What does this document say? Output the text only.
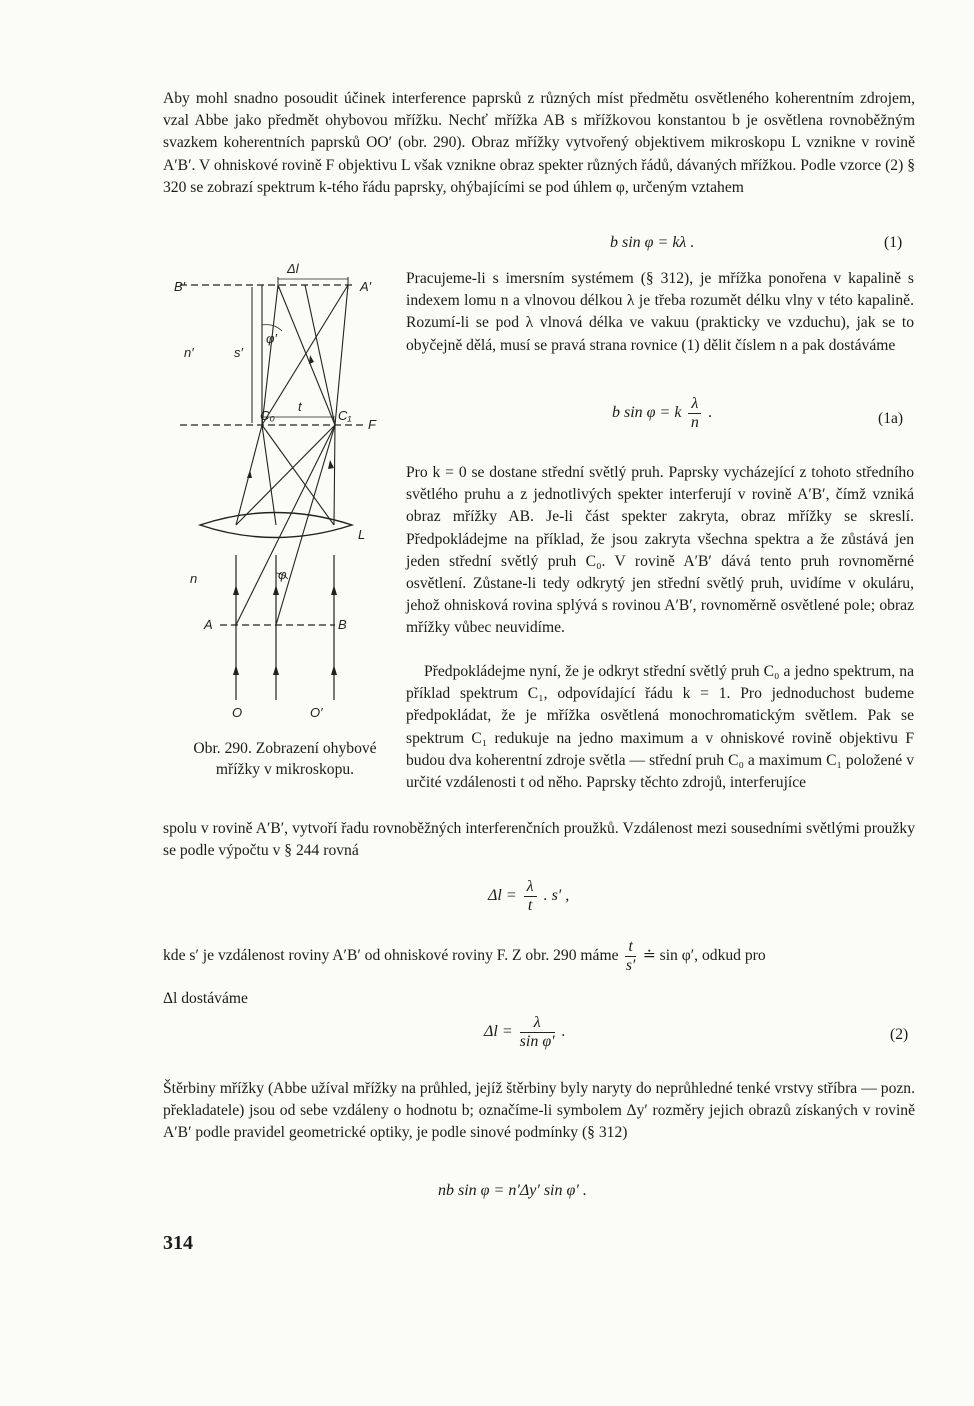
Aby mohl snadno posoudit účinek interference paprsků z různých míst předmětu osvětleného koherentním zdrojem, vzal Abbe jako předmět ohybovou mřížku. Nechť mřížka AB s mřížkovou konstantou b je osvětlena rovnoběžným svazkem koherentních paprsků OO′ (obr. 290). Obraz mřížky vytvořený objektivem mikroskopu L vznikne v rovině A′B′. V ohniskové rovině F objektivu L však vznikne obraz spekter různých řádů, dávaných mřížkou. Podle vzorce (2) § 320 se zobrazí spektrum k-tého řádu paprsky, ohýbajícími se pod úhlem φ, určeným vztahem

b sin φ = kλ .	(1)
Δl
B′	A′
n′	s′
φ′
C₀
t
C₁
F
L
n	φ
A	B
O	O′
Obr. 290. Zobrazení ohybové mřížky v mikroskopu.

Pracujeme-li s imersním systémem (§ 312), je mřížka ponořena v kapalině s indexem lomu n a vlnovou délkou λ je třeba rozumět délku vlny v této kapalině. Rozumí-li se pod λ vlnová délka ve vakuu (prakticky ve vzduchu), jak se to obyčejně dělá, musí se pravá strana rovnice (1) dělit číslem n a pak dostáváme

b sin φ = k $\frac{\lambda}{n}$ .	(1a)

Pro k = 0 se dostane střední světlý pruh. Paprsky vycházející z tohoto středního světlého pruhu a z jednotlivých spekter interferují v rovině A′B′, čímž vzniká obraz mřížky AB. Je-li část spekter zakryta, obraz mřížky se skreslí. Předpokládejme na příklad, že jsou zakryta všechna spektra a že zůstává jen jeden střední světlý pruh C₀. V rovině A′B′ dává tento pruh rovnoměrné osvětlení. Zůstane-li tedy odkrytý jen střední světlý pruh, uvidíme v okuláru, jehož ohnisková rovina splývá s rovinou A′B′, rovnoměrně osvětlené pole; obraz mřížky vůbec neuvidíme.

Předpokládejme nyní, že je odkryt střední světlý pruh C₀ a jedno spektrum, na příklad spektrum C₁, odpovídající řádu k = 1. Pro jednoduchost budeme předpokládat, že je mřížka osvětlená monochromatickým světlem. Pak se spektrum C₁ redukuje na jedno maximum a v ohniskové rovině objektivu F budou dva koherentní zdroje světla — střední pruh C₀ a maximum C₁ položené v určité vzdálenosti t od něho. Paprsky těchto zdrojů, interferujíce

spolu v rovině A′B′, vytvoří řadu rovnoběžných interferenčních proužků. Vzdálenost mezi sousedními světlými proužky se podle výpočtu v § 244 rovná

$\Delta l = \frac{\lambda}{t}$ . s′ ,
kde s′ je vzdálenost roviny A′B′ od ohniskové roviny F. Z obr. 290 máme $\frac{t}{s'}$ ≐ sin φ′, odkud pro

Δl dostáváme

$\Delta l = \frac{\lambda}{\text{sin φ′}}$ .	(2)

Štěrbiny mřížky (Abbe užíval mřížky na průhled, jejíž štěrbiny byly naryty do neprůhledné tenké vrstvy stříbra — pozn. překladatele) jsou od sebe vzdáleny o hodnotu b; označíme-li symbolem Δy′ rozměry jejich obrazů získaných v rovině A′B′ podle pravidel geometrické optiky, je podle sinové podmínky (§ 312)

nb sin φ = n′Δy′ sin φ′ .
314
